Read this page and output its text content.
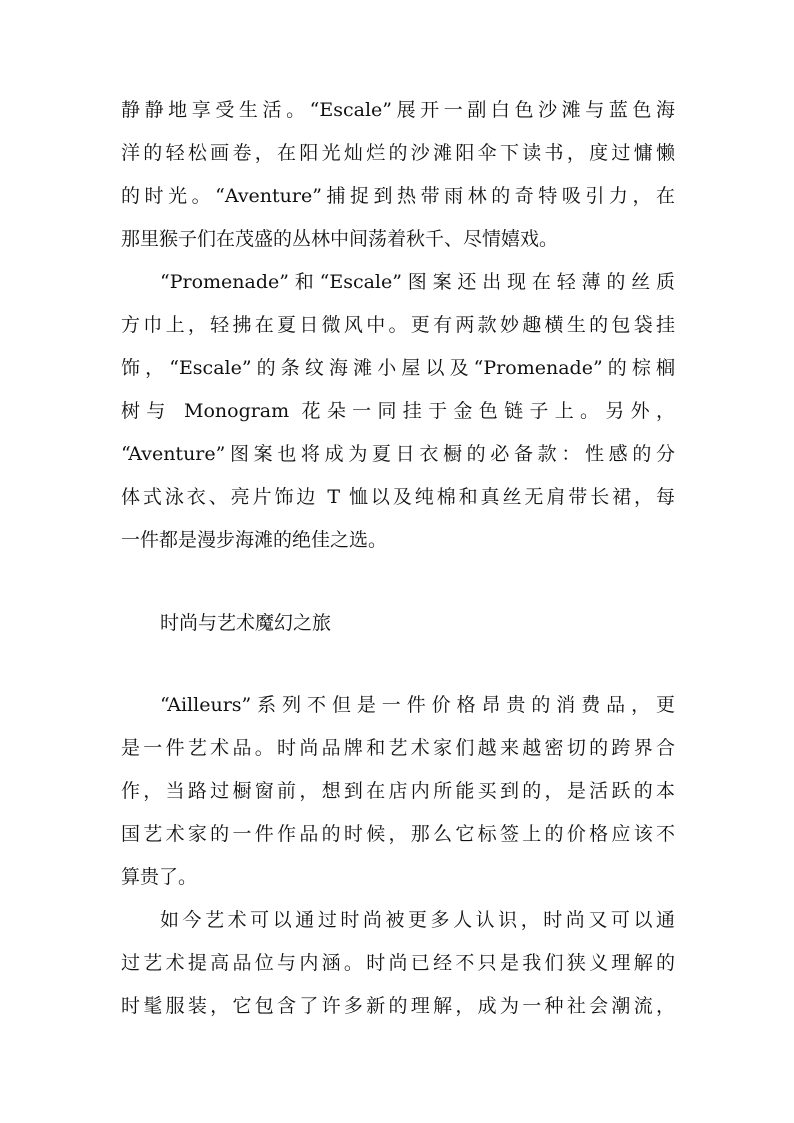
静静地享受生活。“Escale”展开一副白色沙滩与蓝色海
洋的轻松画卷，在阳光灿烂的沙滩阳伞下读书，度过慵懒
的时光。“Aventure”捕捉到热带雨林的奇特吸引力，在
那里猴子们在茂盛的丛林中间荡着秋千、尽情嬉戏。
“Promenade”和“Escale”图案还出现在轻薄的丝质
方巾上，轻拂在夏日微风中。更有两款妙趣横生的包袋挂
饰，“Escale”的条纹海滩小屋以及“Promenade”的棕榈
树与 Monogram 花朵一同挂于金色链子上。另外，
“Aventure”图案也将成为夏日衣橱的必备款：性感的分
体式泳衣、亮片饰边 T 恤以及纯棉和真丝无肩带长裙，每
一件都是漫步海滩的绝佳之选。
时尚与艺术魔幻之旅
“Ailleurs”系列不但是一件价格昂贵的消费品，更
是一件艺术品。时尚品牌和艺术家们越来越密切的跨界合
作，当路过橱窗前，想到在店内所能买到的，是活跃的本
国艺术家的一件作品的时候，那么它标签上的价格应该不
算贵了。
如今艺术可以通过时尚被更多人认识，时尚又可以通
过艺术提高品位与内涵。时尚已经不只是我们狭义理解的
时髦服装，它包含了许多新的理解，成为一种社会潮流，
